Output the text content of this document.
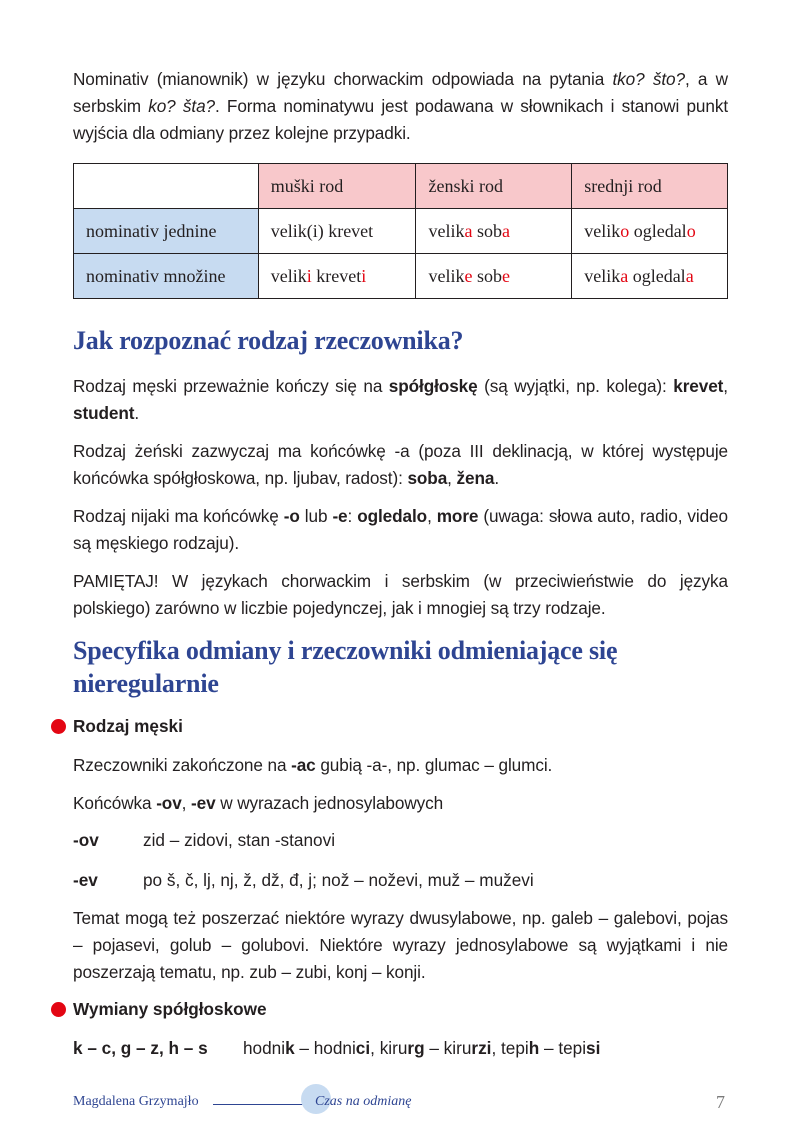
Nominativ (mianownik) w języku chorwackim odpowiada na pytania tko? što?, a w serbskim ko? šta?. Forma nominatywu jest podawana w słownikach i stanowi punkt wyjścia dla odmiany przez kolejne przypadki.

	muški rod	ženski rod	srednji rod
nominativ jednine	velik(i) krevet	velika soba	veliko ogledalo
nominativ množine	veliki kreveti	velike sobe	velika ogledala
Jak rozpoznać rodzaj rzeczownika?

Rodzaj męski przeważnie kończy się na spółgłoskę (są wyjątki, np. kolega): krevet, student.

Rodzaj żeński zazwyczaj ma końcówkę -a (poza III deklinacją, w której występuje końcówka spółgłoskowa, np. ljubav, radost): soba, žena.

Rodzaj nijaki ma końcówkę -o lub -e: ogledalo, more (uwaga: słowa auto, radio, video są męskiego rodzaju).

PAMIĘTAJ! W językach chorwackim i serbskim (w przeciwieństwie do języka polskiego) zarówno w liczbie pojedynczej, jak i mnogiej są trzy rodzaje.

Specyfika odmiany i rzeczowniki odmieniające się nieregularnie
Rodzaj męski

Rzeczowniki zakończone na -ac gubią -a-, np. glumac – glumci.

Końcówka -ov, -ev w wyrazach jednosylabowych

-ov	zid – zidovi, stan -stanovi
-ev	po š, č, lj, nj, ž, dž, đ, j; nož – noževi, muž – muževi

Temat mogą też poszerzać niektóre wyrazy dwusylabowe, np. galeb – galebovi, pojas – pojasevi, golub – golubovi. Niektóre wyrazy jednosylabowe są wyjątkami i nie poszerzają tematu, np. zub – zubi, konj – konji.

Wymiany spółgłoskowe
k – c, g – z, h – s hodnik – hodnici, kirurg – kirurzi, tepih – tepisi
Magdalena Grzymajło	Czas na odmianę	7
